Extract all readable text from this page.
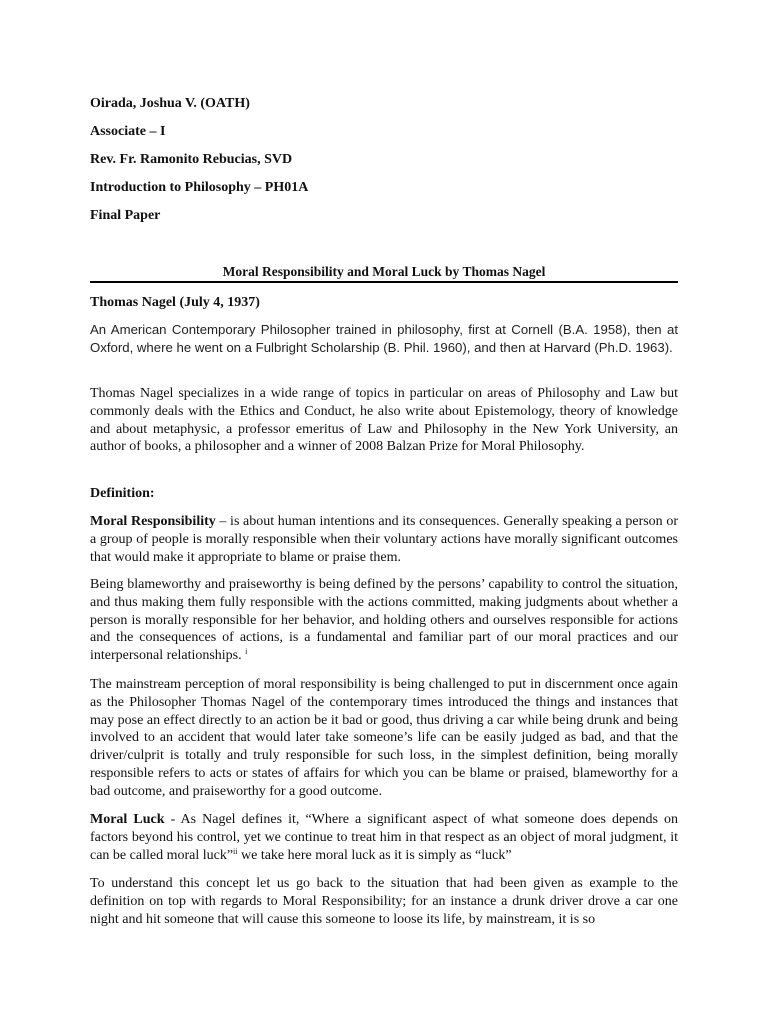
Oirada, Joshua V. (OATH)
Associate – I
Rev. Fr. Ramonito Rebucias, SVD
Introduction to Philosophy – PH01A
Final Paper
Moral Responsibility and Moral Luck by Thomas Nagel
Thomas Nagel (July 4, 1937)

An American Contemporary Philosopher trained in philosophy, first at Cornell (B.A. 1958), then at Oxford, where he went on a Fulbright Scholarship (B. Phil. 1960), and then at Harvard (Ph.D. 1963).

Thomas Nagel specializes in a wide range of topics in particular on areas of Philosophy and Law but commonly deals with the Ethics and Conduct, he also write about Epistemology, theory of knowledge and about metaphysic, a professor emeritus of Law and Philosophy in the New York University, an author of books, a philosopher and a winner of 2008 Balzan Prize for Moral Philosophy.

Definition:

Moral Responsibility – is about human intentions and its consequences. Generally speaking a person or a group of people is morally responsible when their voluntary actions have morally significant outcomes that would make it appropriate to blame or praise them.

Being blameworthy and praiseworthy is being defined by the persons’ capability to control the situation, and thus making them fully responsible with the actions committed, making judgments about whether a person is morally responsible for her behavior, and holding others and ourselves responsible for actions and the consequences of actions, is a fundamental and familiar part of our moral practices and our interpersonal relationships. $^i$

The mainstream perception of moral responsibility is being challenged to put in discernment once again as the Philosopher Thomas Nagel of the contemporary times introduced the things and instances that may pose an effect directly to an action be it bad or good, thus driving a car while being drunk and being involved to an accident that would later take someone’s life can be easily judged as bad, and that the driver/culprit is totally and truly responsible for such loss, in the simplest definition, being morally responsible refers to acts or states of affairs for which you can be blame or praised, blameworthy for a bad outcome, and praiseworthy for a good outcome.

Moral Luck - As Nagel defines it, “Where a significant aspect of what someone does depends on factors beyond his control, yet we continue to treat him in that respect as an object of moral judgment, it can be called moral luck”$^{ii}$ we take here moral luck as it is simply as “luck”

To understand this concept let us go back to the situation that had been given as example to the definition on top with regards to Moral Responsibility; for an instance a drunk driver drove a car one night and hit someone that will cause this someone to loose its life, by mainstream, it is so
